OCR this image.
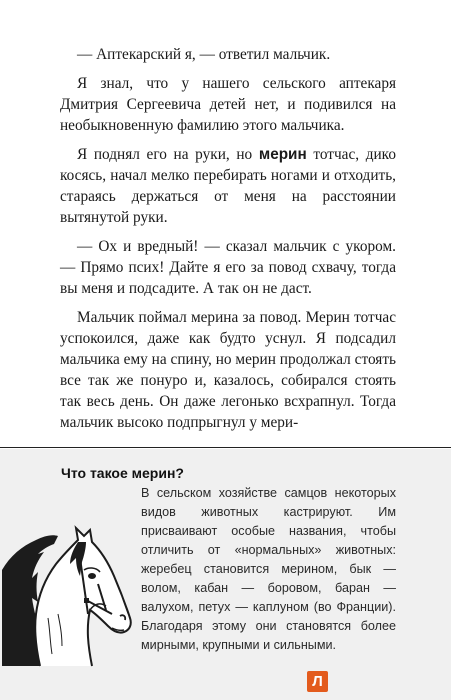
— Аптекарский я, — ответил мальчик.

Я знал, что у нашего сельского аптекаря Дмитрия Сергеевича детей нет, и подивился на необыкновенную фамилию этого мальчика.

Я поднял его на руки, но мерин тотчас, дико косясь, начал мелко перебирать ногами и отходить, стараясь держаться от меня на расстоянии вытянутой руки.

— Ох и вредный! — сказал мальчик с укором. — Прямо псих! Дайте я его за повод схвачу, тогда вы меня и подсадите. А так он не даст.

Мальчик поймал мерина за повод. Мерин тотчас успокоился, даже как будто уснул. Я подсадил мальчика ему на спину, но мерин продолжал стоять все так же понуро и, казалось, собирался стоять так весь день. Он даже легонько всхрапнул. Тогда мальчик высоко подпрыгнул у мери-

Что такое мерин?
В сельском хозяйстве самцов некоторых видов животных кастрируют. Им присваивают особые названия, чтобы отличить от «нормальных» животных: жеребец становится мерином, бык — волом, кабан — боровом, баран — валухом, петух — каплуном (во Франции). Благодаря этому они становятся более мирными, крупными и сильными.
Л
